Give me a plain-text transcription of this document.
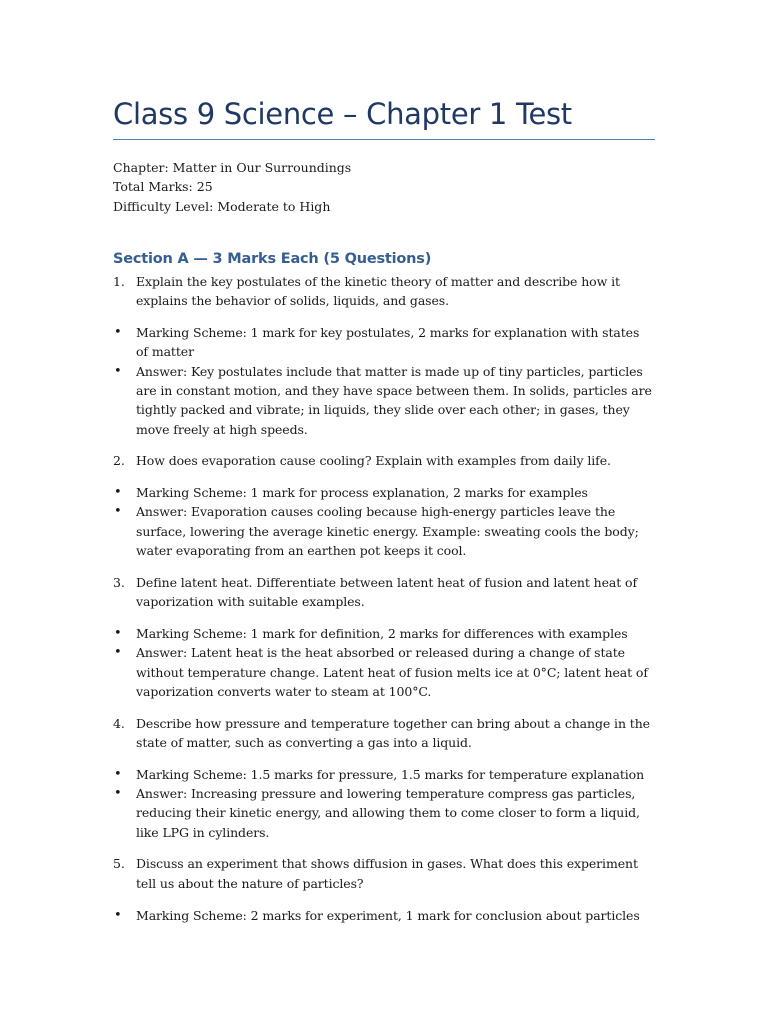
Class 9 Science – Chapter 1 Test
Chapter: Matter in Our Surroundings
Total Marks: 25
Difficulty Level: Moderate to High
Section A — 3 Marks Each (5 Questions)
1. Explain the key postulates of the kinetic theory of matter and describe how it explains the behavior of solids, liquids, and gases.
• Marking Scheme: 1 mark for key postulates, 2 marks for explanation with states of matter
• Answer: Key postulates include that matter is made up of tiny particles, particles are in constant motion, and they have space between them. In solids, particles are tightly packed and vibrate; in liquids, they slide over each other; in gases, they move freely at high speeds.
2. How does evaporation cause cooling? Explain with examples from daily life.
• Marking Scheme: 1 mark for process explanation, 2 marks for examples
• Answer: Evaporation causes cooling because high-energy particles leave the surface, lowering the average kinetic energy. Example: sweating cools the body; water evaporating from an earthen pot keeps it cool.
3. Define latent heat. Differentiate between latent heat of fusion and latent heat of vaporization with suitable examples.
• Marking Scheme: 1 mark for definition, 2 marks for differences with examples
• Answer: Latent heat is the heat absorbed or released during a change of state without temperature change. Latent heat of fusion melts ice at 0°C; latent heat of vaporization converts water to steam at 100°C.
4. Describe how pressure and temperature together can bring about a change in the state of matter, such as converting a gas into a liquid.
• Marking Scheme: 1.5 marks for pressure, 1.5 marks for temperature explanation
• Answer: Increasing pressure and lowering temperature compress gas particles, reducing their kinetic energy, and allowing them to come closer to form a liquid, like LPG in cylinders.
5. Discuss an experiment that shows diffusion in gases. What does this experiment tell us about the nature of particles?
• Marking Scheme: 2 marks for experiment, 1 mark for conclusion about particles
